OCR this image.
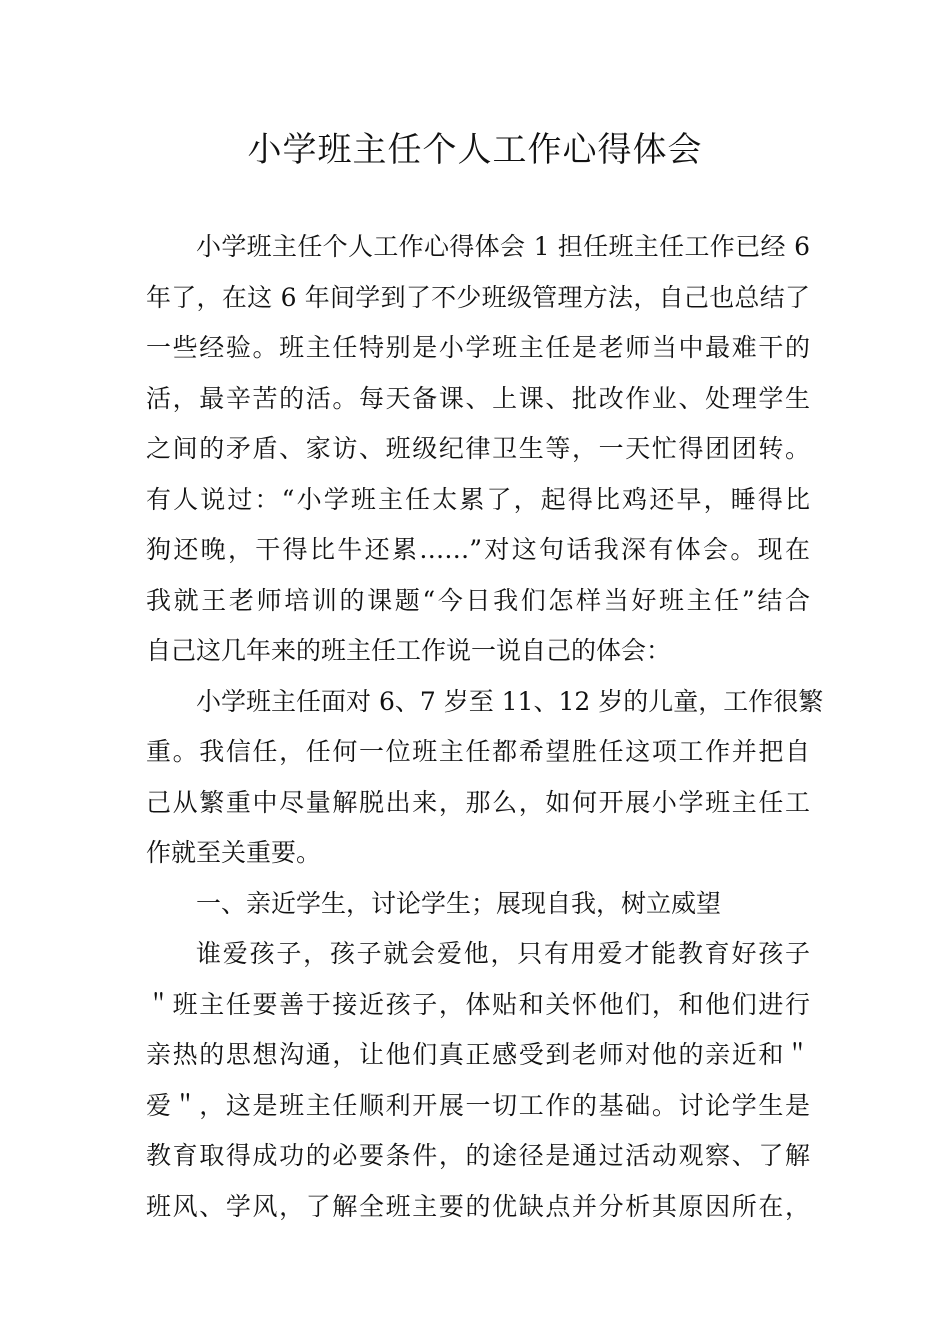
小学班主任个人工作心得体会
小学班主任个人工作心得体会 1 担任班主任工作已经 6
年了，在这 6 年间学到了不少班级管理方法，自己也总结了
一些经验。班主任特别是小学班主任是老师当中最难干的
活，最辛苦的活。每天备课、上课、批改作业、处理学生
之间的矛盾、家访、班级纪律卫生等，一天忙得团团转。
有人说过：“小学班主任太累了，起得比鸡还早，睡得比
狗还晚，干得比牛还累……”对这句话我深有体会。现在
我就王老师培训的课题“今日我们怎样当好班主任”结合
自己这几年来的班主任工作说一说自己的体会：
小学班主任面对 6、7 岁至 11、12 岁的儿童，工作很繁
重。我信任，任何一位班主任都希望胜任这项工作并把自
己从繁重中尽量解脱出来，那么，如何开展小学班主任工
作就至关重要。
一、亲近学生，讨论学生；展现自我，树立威望
谁爱孩子，孩子就会爱他，只有用爱才能教育好孩子
＂班主任要善于接近孩子，体贴和关怀他们，和他们进行
亲热的思想沟通，让他们真正感受到老师对他的亲近和＂
爱＂，这是班主任顺利开展一切工作的基础。讨论学生是
教育取得成功的必要条件，的途径是通过活动观察、了解
班风、学风，了解全班主要的优缺点并分析其原因所在，
